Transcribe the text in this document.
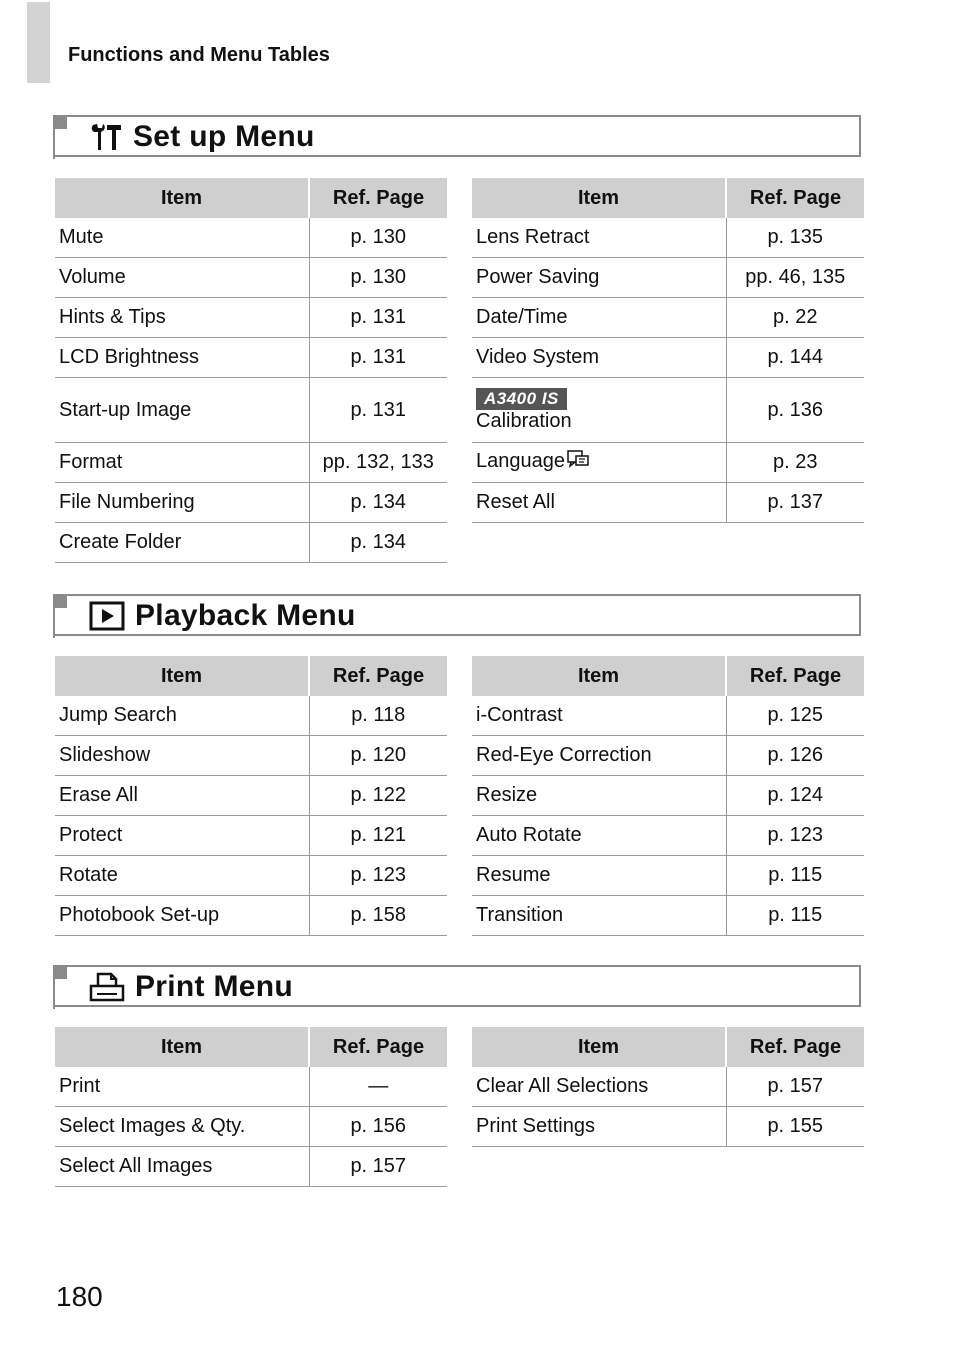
Functions and Menu Tables
Set up Menu
Item	Ref. Page
Mute	p. 130
Volume	p. 130
Hints & Tips	p. 131
LCD Brightness	p. 131
Start-up Image	p. 131
Format	pp. 132, 133
File Numbering	p. 134
Create Folder	p. 134
Item	Ref. Page
Lens Retract	p. 135
Power Saving	pp. 46, 135
Date/Time	p. 22
Video System	p. 144
A3400 IS
Calibration	p. 136
Language	p. 23
Reset All	p. 137
Playback Menu
Item	Ref. Page
Jump Search	p. 118
Slideshow	p. 120
Erase All	p. 122
Protect	p. 121
Rotate	p. 123
Photobook Set-up	p. 158
Item	Ref. Page
i-Contrast	p. 125
Red-Eye Correction	p. 126
Resize	p. 124
Auto Rotate	p. 123
Resume	p. 115
Transition	p. 115
Print Menu
Item	Ref. Page
Print	—
Select Images & Qty.	p. 156
Select All Images	p. 157
Item	Ref. Page
Clear All Selections	p. 157
Print Settings	p. 155
180
